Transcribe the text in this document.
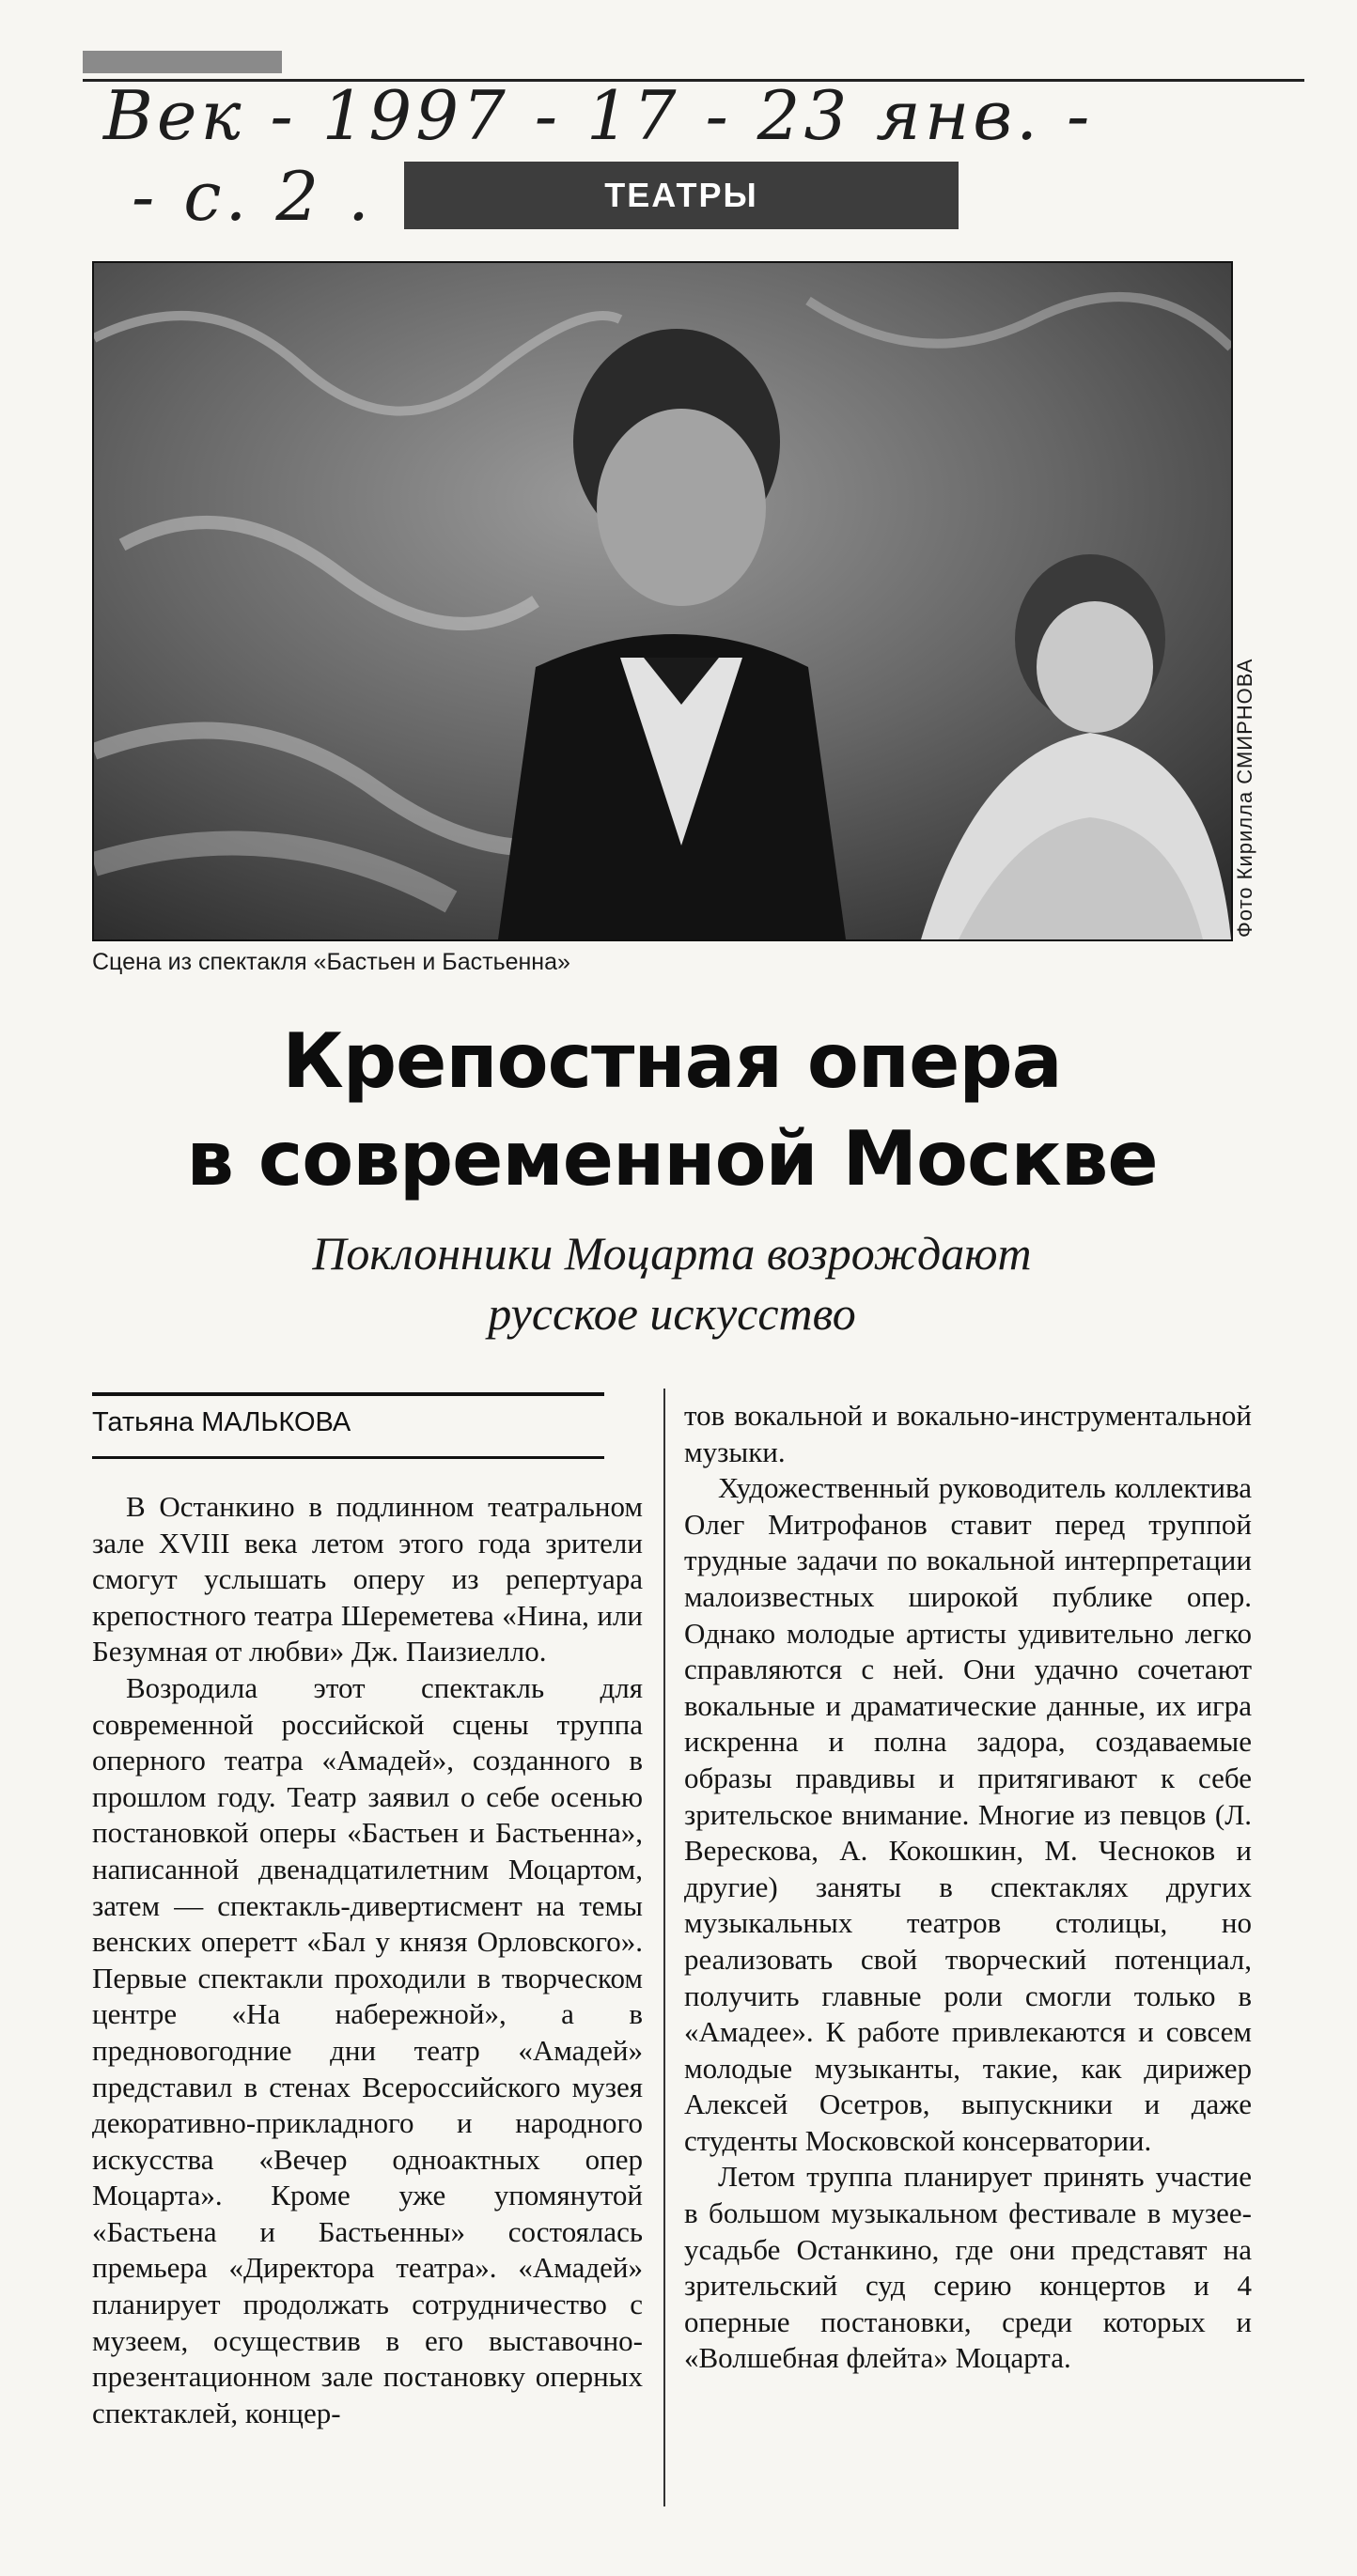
Век - 1997 - 17 - 23 янв. -
- с. 2 .	ТЕАТРЫ
Фото Кирилла СМИРНОВА
Сцена из спектакля «Бастьен и Бастьенна»
Крепостная опера
в современной Москве
Поклонники Моцарта возрождают
русское искусство
Татьяна МАЛЬКОВА

В Останкино в подлинном театральном зале XVIII века летом этого года зрители смогут услышать оперу из репертуара крепостного театра Шереметева «Нина, или Безумная от любви» Дж. Паизиелло.

Возродила этот спектакль для современной российской сцены труппа оперного театра «Амадей», созданного в прошлом году. Театр заявил о себе осенью постановкой оперы «Бастьен и Бастьенна», написанной двенадцатилетним Моцартом, затем — спектакль-дивертисмент на темы венских оперетт «Бал у князя Орловского». Первые спектакли проходили в творческом центре «На набережной», а в предновогодние дни театр «Амадей» представил в стенах Всероссийского музея декоративно-прикладного и народного искусства «Вечер одноактных опер Моцарта». Кроме уже упомянутой «Бастьена и Бастьенны» состоялась премьера «Директора театра». «Амадей» планирует продолжать сотрудничество с музеем, осуществив в его выставочно-презентационном зале постановку оперных спектаклей, концер-

тов вокальной и вокально-инструментальной музыки.

Художественный руководитель коллектива Олег Митрофанов ставит перед труппой трудные задачи по вокальной интерпретации малоизвестных широкой публике опер. Однако молодые артисты удивительно легко справляются с ней. Они удачно сочетают вокальные и драматические данные, их игра искренна и полна задора, создаваемые образы правдивы и притягивают к себе зрительское внимание. Многие из певцов (Л. Верескова, А. Кокошкин, М. Чесноков и другие) заняты в спектаклях других музыкальных театров столицы, но реализовать свой творческий потенциал, получить главные роли смогли только в «Амадее». К работе привлекаются и совсем молодые музыканты, такие, как дирижер Алексей Осетров, выпускники и даже студенты Московской консерватории.

Летом труппа планирует принять участие в большом музыкальном фестивале в музее-усадьбе Останкино, где они представят на зрительский суд серию концертов и 4 оперные постановки, среди которых и «Волшебная флейта» Моцарта.
